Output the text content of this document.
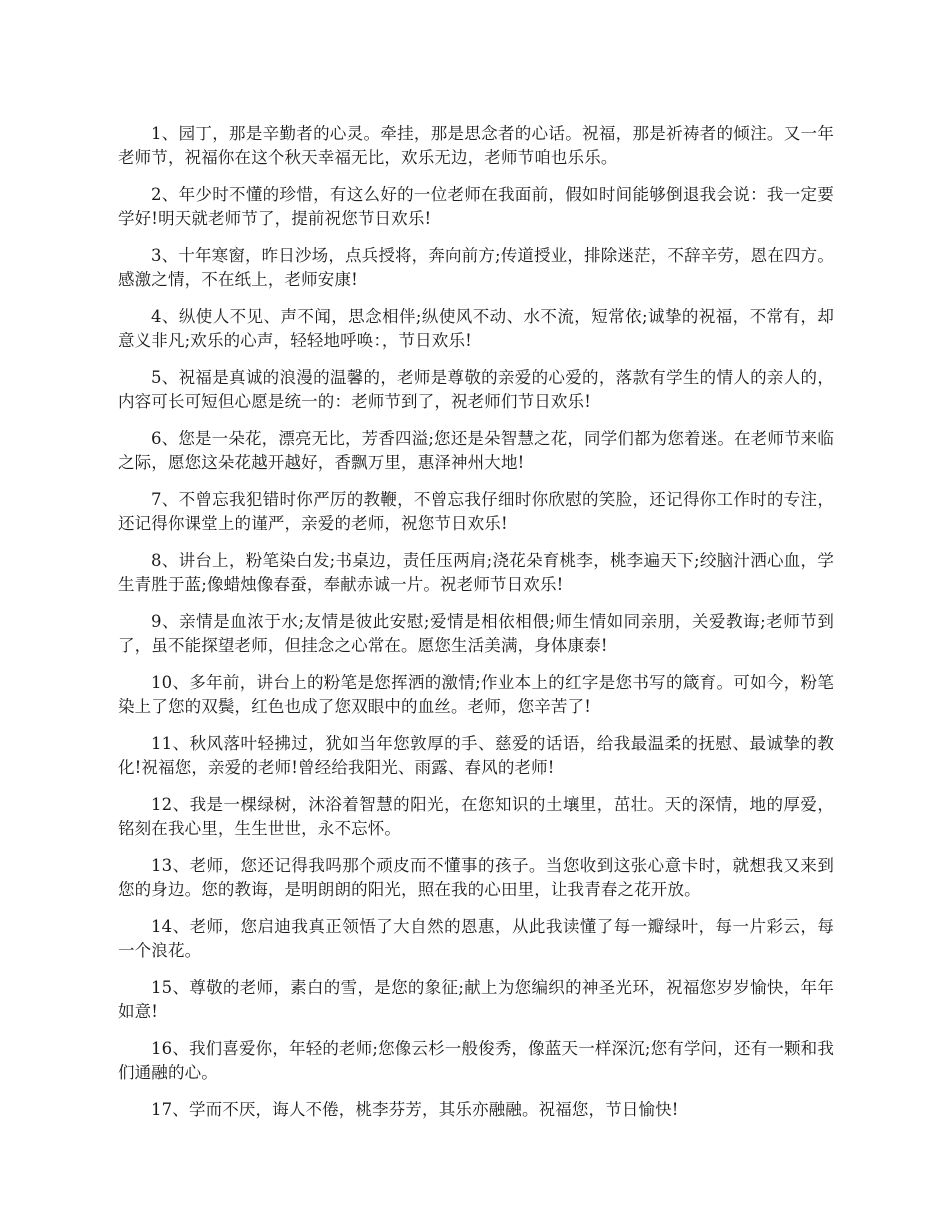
1、园丁，那是辛勤者的心灵。牵挂，那是思念者的心话。祝福，那是祈祷者的倾注。又一年老师节，祝福你在这个秋天幸福无比，欢乐无边，老师节咱也乐乐。

2、年少时不懂的珍惜，有这么好的一位老师在我面前，假如时间能够倒退我会说：我一定要学好!明天就老师节了，提前祝您节日欢乐!

3、十年寒窗，昨日沙场，点兵授将，奔向前方;传道授业，排除迷茫，不辞辛劳，恩在四方。感激之情，不在纸上，老师安康!

4、纵使人不见、声不闻，思念相伴;纵使风不动、水不流，短常依;诚挚的祝福，不常有，却意义非凡;欢乐的心声，轻轻地呼唤：，节日欢乐!

5、祝福是真诚的浪漫的温馨的，老师是尊敬的亲爱的心爱的，落款有学生的情人的亲人的，内容可长可短但心愿是统一的：老师节到了，祝老师们节日欢乐!

6、您是一朵花，漂亮无比，芳香四溢;您还是朵智慧之花，同学们都为您着迷。在老师节来临之际，愿您这朵花越开越好，香飘万里，惠泽神州大地!

7、不曾忘我犯错时你严厉的教鞭，不曾忘我仔细时你欣慰的笑脸，还记得你工作时的专注，还记得你课堂上的谨严，亲爱的老师，祝您节日欢乐!

8、讲台上，粉笔染白发;书桌边，责任压两肩;浇花朵育桃李，桃李遍天下;绞脑汁洒心血，学生青胜于蓝;像蜡烛像春蚕，奉献赤诚一片。祝老师节日欢乐!

9、亲情是血浓于水;友情是彼此安慰;爱情是相依相偎;师生情如同亲朋，关爱教诲;老师节到了，虽不能探望老师，但挂念之心常在。愿您生活美满，身体康泰!

10、多年前，讲台上的粉笔是您挥洒的激情;作业本上的红字是您书写的箴育。可如今，粉笔染上了您的双鬓，红色也成了您双眼中的血丝。老师，您辛苦了!

11、秋风落叶轻拂过，犹如当年您敦厚的手、慈爱的话语，给我最温柔的抚慰、最诚挚的教化!祝福您，亲爱的老师!曾经给我阳光、雨露、春风的老师!

12、我是一棵绿树，沐浴着智慧的阳光，在您知识的土壤里，茁壮。天的深情，地的厚爱，铭刻在我心里，生生世世，永不忘怀。

13、老师，您还记得我吗那个顽皮而不懂事的孩子。当您收到这张心意卡时，就想我又来到您的身边。您的教诲，是明朗朗的阳光，照在我的心田里，让我青春之花开放。

14、老师，您启迪我真正领悟了大自然的恩惠，从此我读懂了每一瓣绿叶，每一片彩云，每一个浪花。

15、尊敬的老师，素白的雪，是您的象征;献上为您编织的神圣光环，祝福您岁岁愉快，年年如意!

16、我们喜爱你，年轻的老师;您像云杉一般俊秀，像蓝天一样深沉;您有学问，还有一颗和我们通融的心。

17、学而不厌，诲人不倦，桃李芬芳，其乐亦融融。祝福您，节日愉快!
